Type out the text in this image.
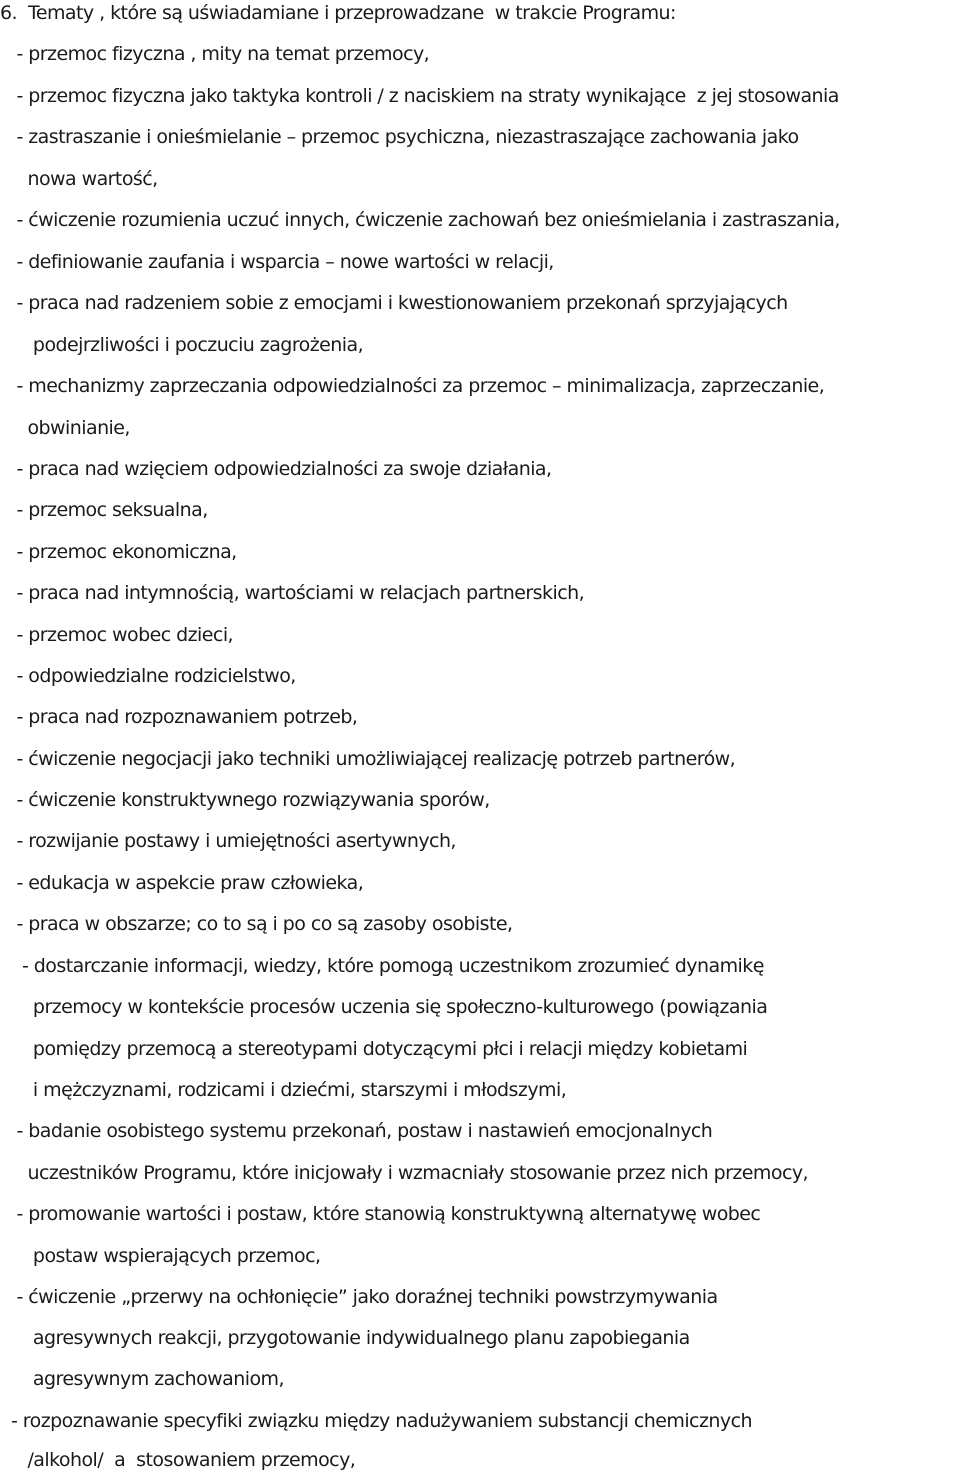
6.  Tematy , które są uświadamiane i przeprowadzane  w trakcie Programu:
- przemoc fizyczna , mity na temat przemocy,
- przemoc fizyczna jako taktyka kontroli / z naciskiem na straty wynikające  z jej stosowania
- zastraszanie i onieśmielanie – przemoc psychiczna, niezastraszające zachowania jako
nowa wartość,
- ćwiczenie rozumienia uczuć innych, ćwiczenie zachowań bez onieśmielania i zastraszania,
- definiowanie zaufania i wsparcia – nowe wartości w relacji,
- praca nad radzeniem sobie z emocjami i kwestionowaniem przekonań sprzyjających
podejrzliwości i poczuciu zagrożenia,
- mechanizmy zaprzeczania odpowiedzialności za przemoc – minimalizacja, zaprzeczanie,
obwinianie,
- praca nad wzięciem odpowiedzialności za swoje działania,
- przemoc seksualna,
- przemoc ekonomiczna,
- praca nad intymnością, wartościami w relacjach partnerskich,
- przemoc wobec dzieci,
- odpowiedzialne rodzicielstwo,
- praca nad rozpoznawaniem potrzeb,
- ćwiczenie negocjacji jako techniki umożliwiającej realizację potrzeb partnerów,
- ćwiczenie konstruktywnego rozwiązywania sporów,
- rozwijanie postawy i umiejętności asertywnych,
- edukacja w aspekcie praw człowieka,
- praca w obszarze; co to są i po co są zasoby osobiste,
- dostarczanie informacji, wiedzy, które pomogą uczestnikom zrozumieć dynamikę
przemocy w kontekście procesów uczenia się społeczno-kulturowego (powiązania
pomiędzy przemocą a stereotypami dotyczącymi płci i relacji między kobietami
i mężczyznami, rodzicami i dziećmi, starszymi i młodszymi,
- badanie osobistego systemu przekonań, postaw i nastawień emocjonalnych
uczestników Programu, które inicjowały i wzmacniały stosowanie przez nich przemocy,
- promowanie wartości i postaw, które stanowią konstruktywną alternatywę wobec
postaw wspierających przemoc,
- ćwiczenie „przerwy na ochłonięcie” jako doraźnej techniki powstrzymywania
agresywnych reakcji, przygotowanie indywidualnego planu zapobiegania
agresywnym zachowaniom,
- rozpoznawanie specyfiki związku między nadużywaniem substancji chemicznych
/alkohol/  a  stosowaniem przemocy,
